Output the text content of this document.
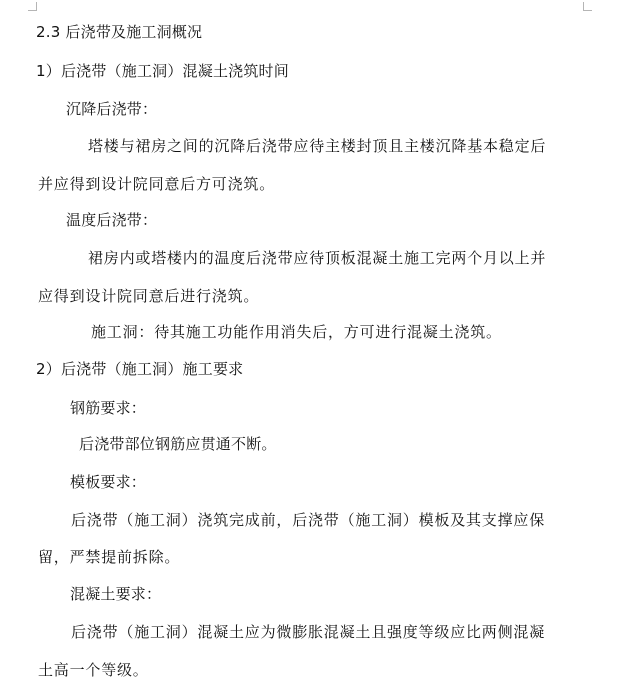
2.3 后浇带及施工洞概况
1）后浇带（施工洞）混凝土浇筑时间
沉降后浇带：
塔楼与裙房之间的沉降后浇带应待主楼封顶且主楼沉降基本稳定后
并应得到设计院同意后方可浇筑。
温度后浇带：
裙房内或塔楼内的温度后浇带应待顶板混凝土施工完两个月以上并
应得到设计院同意后进行浇筑。
施工洞：待其施工功能作用消失后，方可进行混凝土浇筑。
2）后浇带（施工洞）施工要求
钢筋要求：
后浇带部位钢筋应贯通不断。
模板要求：
后浇带（施工洞）浇筑完成前，后浇带（施工洞）模板及其支撑应保
留，严禁提前拆除。
混凝土要求：
后浇带（施工洞）混凝土应为微膨胀混凝土且强度等级应比两侧混凝
土高一个等级。
